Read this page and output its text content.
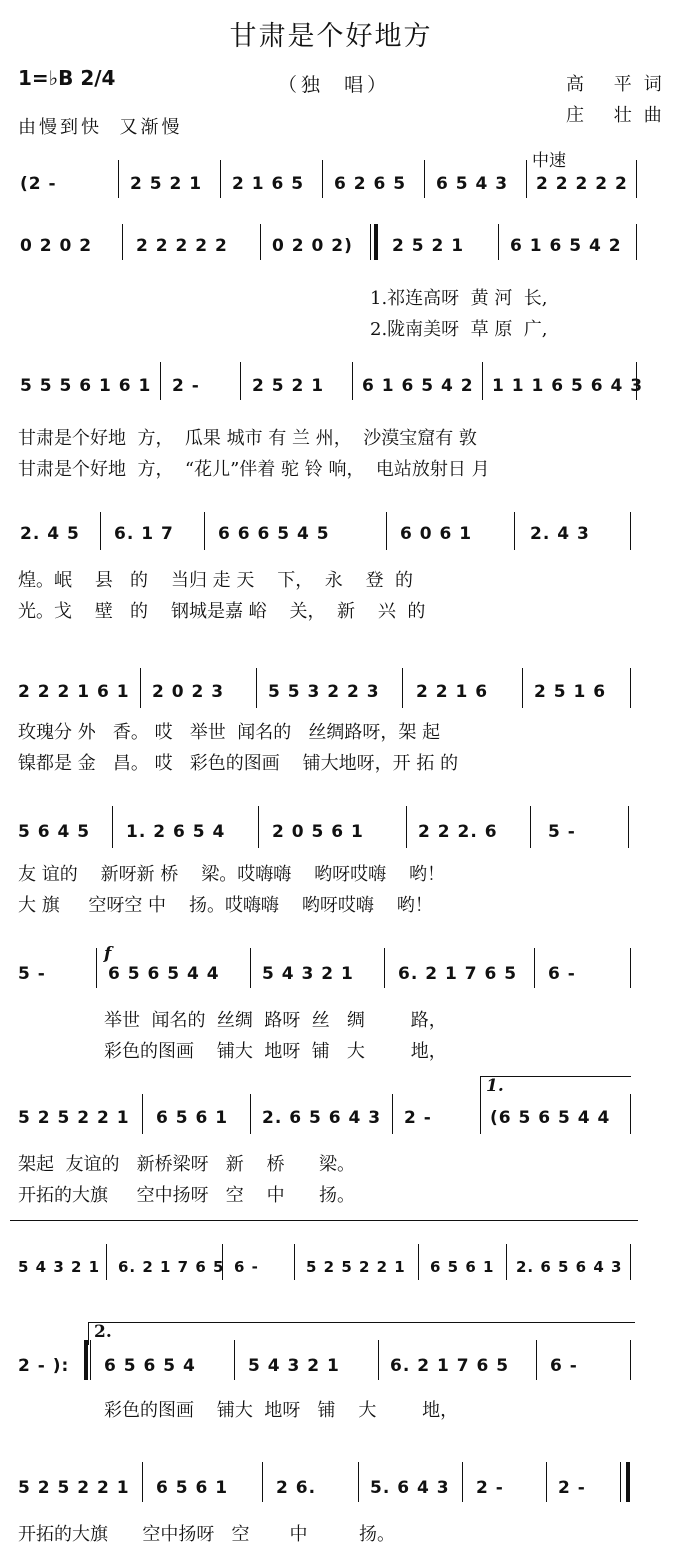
甘肃是个好地方
1=♭B 2/4	（独  唱）	高 平词
庄 壮曲
由慢到快  又渐慢
中速
(2 -	2 5 2 1 2 1 6 5 6 2 6 5 6 5 4 3 2 2 2 2 2
0 2 0 2	2 2 2 2 2	0 2 0 2) 2 5 2 1	6 1 6 5 4 2
1.祁连高呀  黄 河  长,
2.陇南美呀  草 原  广,
5 5 5 6 1 6 1 2 -	2 5 2 1 6 1 6 5 4 2 1 1 1 6 5 6 4 3
甘肃是个好地  方，  瓜果 城市 有 兰 州，  沙漠宝窟有 敦
甘肃是个好地  方，  “花儿”伴着 驼 铃 响，  电站放射日 月
2. 4 5 6. 1 7	6 6 6 5 4 5	6 0 6 1	2. 4 3
煌。岷    县   的    当归 走 天    下，  永    登  的
光。戈    壁   的    钢城是嘉 峪    关，  新    兴  的
2 2 2 1 6 1 2 0 2 3	5 5 3 2 2 3 2 2 1 6	2 5 1 6
玫瑰分 外   香。 哎   举世  闻名的   丝绸路呀，架 起
镍都是 金   昌。 哎   彩色的图画    铺大地呀，开 拓 的
5 6 4 5 1. 2 6 5 4	2 0 5 6 1	2 2 2. 6	5 -
友 谊的    新呀新 桥    梁。哎嗨嗨    哟呀哎嗨    哟！
大 旗     空呀空 中    扬。哎嗨嗨    哟呀哎嗨    哟！
5 -
f
6 5 6 5 4 4 5 4 3 2 1	6. 2 1 7 6 5 6 -
举世  闻名的  丝绸  路呀  丝   绸        路，
彩色的图画    铺大  地呀  铺   大        地，
5 2 5 2 2 1 6 5 6 1 2. 6 5 6 4 3 2 -
1.
(6 5 6 5 4 4
架起  友谊的   新桥梁呀   新    桥      梁。
开拓的大旗     空中扬呀   空    中      扬。
5 4 3 2 1 6. 2 1 7 6 5 6 -	5 2 5 2 2 1 6 5 6 1 2. 6 5 6 4 3
2.
2 - ): 6 5 6 5 4	5 4 3 2 1	6. 2 1 7 6 5 6 -
彩色的图画    铺大  地呀   铺    大        地，
5 2 5 2 2 1 6 5 6 1	2 6.	5. 6 4 3 2 -	2 -
开拓的大旗      空中扬呀   空       中         扬。
